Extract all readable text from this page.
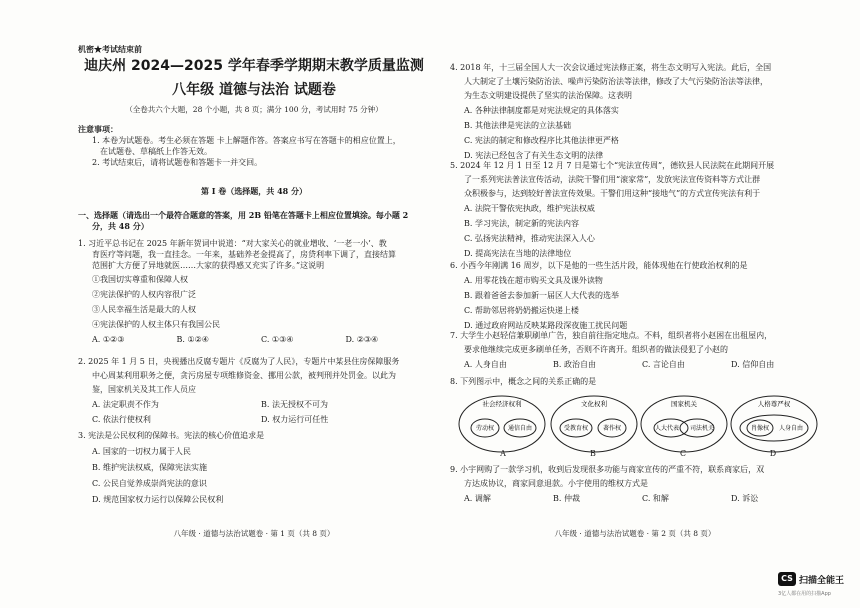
机密★考试结束前
迪庆州 2024—2025 学年春季学期期末教学质量监测
八年级 道德与法治 试题卷
（全卷共六个大题，28 个小题，共 8 页；满分 100 分，考试用时 75 分钟）
注意事项：
1. 本卷为试题卷。考生必须在答题 卡上解题作答。答案应书写在答题卡的相应位置上，
在试题卷、草稿纸上作答无效。
2. 考试结束后，请将试题卷和答题卡一并交回。
第 I 卷（选择题，共 48 分）
一、选择题（请选出一个最符合题意的答案，用 2B 铅笔在答题卡上相应位置填涂。每小题 2
分，共 48 分）
1. 习近平总书记在 2025 年新年贺词中说道：“对大家关心的就业增收、‘一老一小’、教
育医疗等问题，我一直挂念。一年来，基础养老金提高了，房贷利率下调了，直接结算
范围扩大方便了异地就医……大家的获得感又充实了许多。”这说明
①我国切实尊重和保障人权
②宪法保护的人权内容很广泛
③人民幸福生活是最大的人权
④宪法保护的人权主体只有我国公民
A. ①②③	B. ①②④	C. ①③④	D. ②③④
2. 2025 年 1 月 5 日，央视播出反腐专题片《反腐为了人民》，专题片中某县住房保障服务
中心周某利用职务之便，贪污房屋专项维修资金、挪用公款，被判刑并处罚金。以此为
鉴，国家机关及其工作人员应
A. 法定职责不作为	B. 法无授权不可为
C. 依法行使权利	D. 权力运行可任性
3. 宪法是公民权利的保障书。宪法的核心价值追求是
A. 国家的一切权力属于人民
B. 维护宪法权威，保障宪法实施
C. 公民自觉养成崇尚宪法的意识
D. 规范国家权力运行以保障公民权利
八年级 · 道德与法治试题卷 · 第 1 页（共 8 页）
4. 2018 年，十三届全国人大一次会议通过宪法修正案，将生态文明写入宪法。此后，全国
人大制定了土壤污染防治法、噪声污染防治法等法律，修改了大气污染防治法等法律，
为生态文明建设提供了坚实的法治保障。这表明
A. 各种法律制度都是对宪法规定的具体落实
B. 其他法律是宪法的立法基础
C. 宪法的制定和修改程序比其他法律更严格
D. 宪法已经包含了有关生态文明的法律
5. 2024 年 12 月 1 日至 12 月 7 日是第七个“宪法宣传周”，德钦县人民法院在此期间开展
了一系列宪法普法宣传活动，法院干警们用“滚家常”，发放宪法宣传资料等方式让群
众积极参与，达到较好普法宣传效果。干警们用这种“接地气”的方式宣传宪法有利于
A. 法院干警依宪执政，维护宪法权威
B. 学习宪法，制定新的宪法内容
C. 弘扬宪法精神，推动宪法深入人心
D. 提高宪法在当地的法律地位
6. 小西今年刚满 16 周岁，以下是他的一些生活片段，能体现他在行使政治权利的是
A. 用零花钱在超市购买文具及课外读物
B. 跟着爸爸去参加新一届区人大代表的选举
C. 帮助邻居将奶奶搬运快递上楼
D. 通过政府网站反映某路段深夜施工扰民问题
7. 大学生小赵轻信兼职刷单广告，独自前往指定地点。不料，组织者将小赵困在出租屋内，
要求他继续完成更多刷单任务，否则不许离开。组织者的做法侵犯了小赵的
A. 人身自由	B. 政治自由	C. 言论自由	D. 信仰自由
8. 下列图示中，概念之间的关系正确的是
社会经济权利
劳动权 通信自由
文化权利
受教育权 著作权
国家机关
人大代表 司法机关
人格尊严权
肖像权 人身自由
A	B	C	D
9. 小宇网购了一款学习机，收到后发现很多功能与商家宣传的严重不符，联系商家后，双
方达成协议，商家同意退款。小宇使用的维权方式是
A. 调解	B. 仲裁	C. 和解	D. 诉讼
八年级 · 道德与法治试题卷 · 第 2 页（共 8 页）
CS 扫描全能王
3亿人都在用的扫描App
